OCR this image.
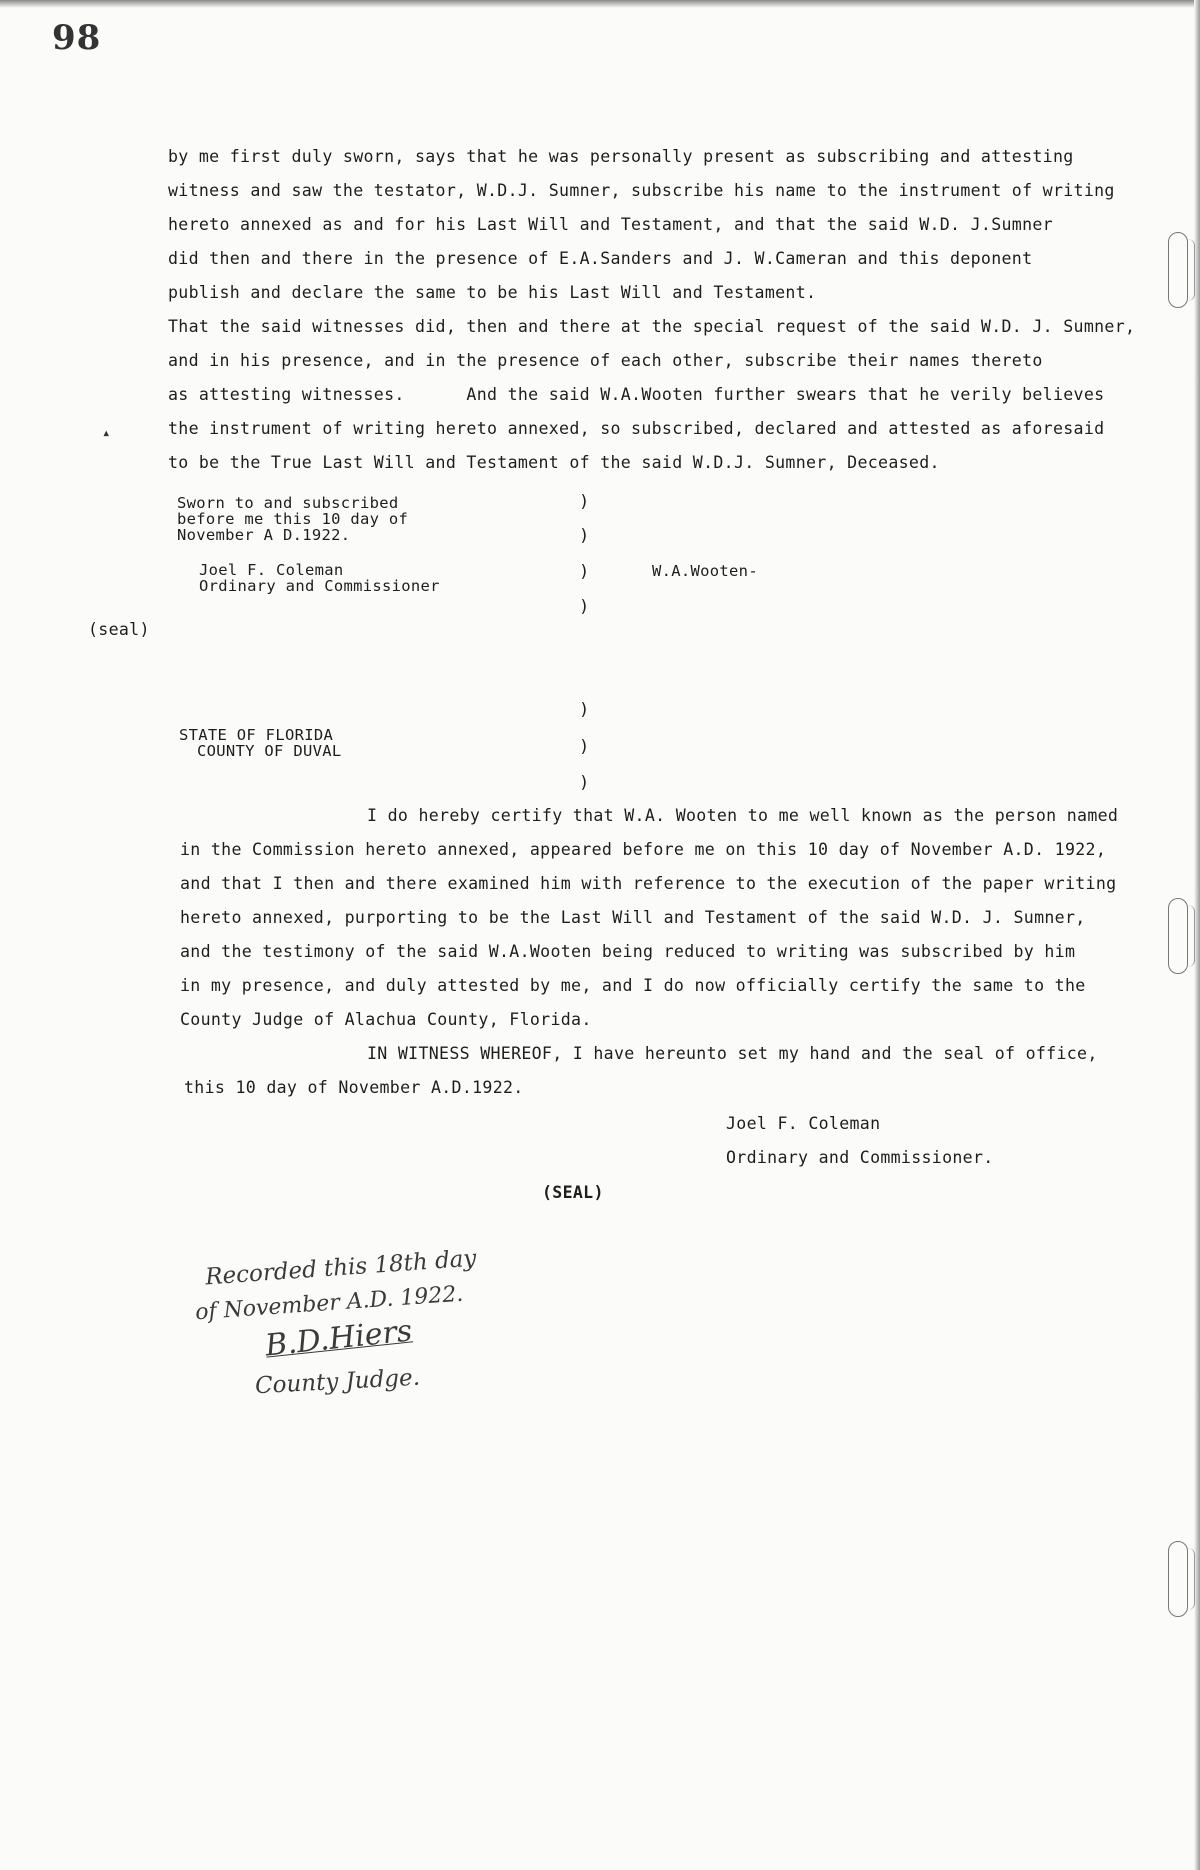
98
▴
by me first duly sworn, says that he was personally present as subscribing and attesting
witness and saw the testator, W.D.J. Sumner, subscribe his name to the instrument of writing
hereto annexed as and for his Last Will and Testament, and that the said W.D. J.Sumner
did then and there in the presence of E.A.Sanders and J. W.Cameran and this deponent
publish and declare the same to be his Last Will and Testament.
That the said witnesses did, then and there at the special request of the said W.D. J. Sumner,
and in his presence, and in the presence of each other, subscribe their names thereto
as attesting witnesses.      And the said W.A.Wooten further swears that he verily believes
the instrument of writing hereto annexed, so subscribed, declared and attested as aforesaid
to be the True Last Will and Testament of the said W.D.J. Sumner, Deceased.
Sworn to and subscribed
before me this 10 day of
November A D.1922.
Joel F. Coleman
Ordinary and Commissioner
)
)
)
)
W.A.Wooten-
(seal)
STATE OF FLORIDA
COUNTY OF DUVAL
)
)
)
I do hereby certify that W.A. Wooten to me well known as the person named
in the Commission hereto annexed, appeared before me on this 10 day of November A.D. 1922,
and that I then and there examined him with reference to the execution of the paper writing
hereto annexed, purporting to be the Last Will and Testament of the said W.D. J. Sumner,
and the testimony of the said W.A.Wooten being reduced to writing was subscribed by him
in my presence, and duly attested by me, and I do now officially certify the same to the
County Judge of Alachua County, Florida.
IN WITNESS WHEREOF, I have hereunto set my hand and the seal of office,
this 10 day of November A.D.1922.
Joel F. Coleman
Ordinary and Commissioner.
(SEAL)
Recorded this 18th day
of November A.D. 1922.
B.D.Hiers
County Judge.
